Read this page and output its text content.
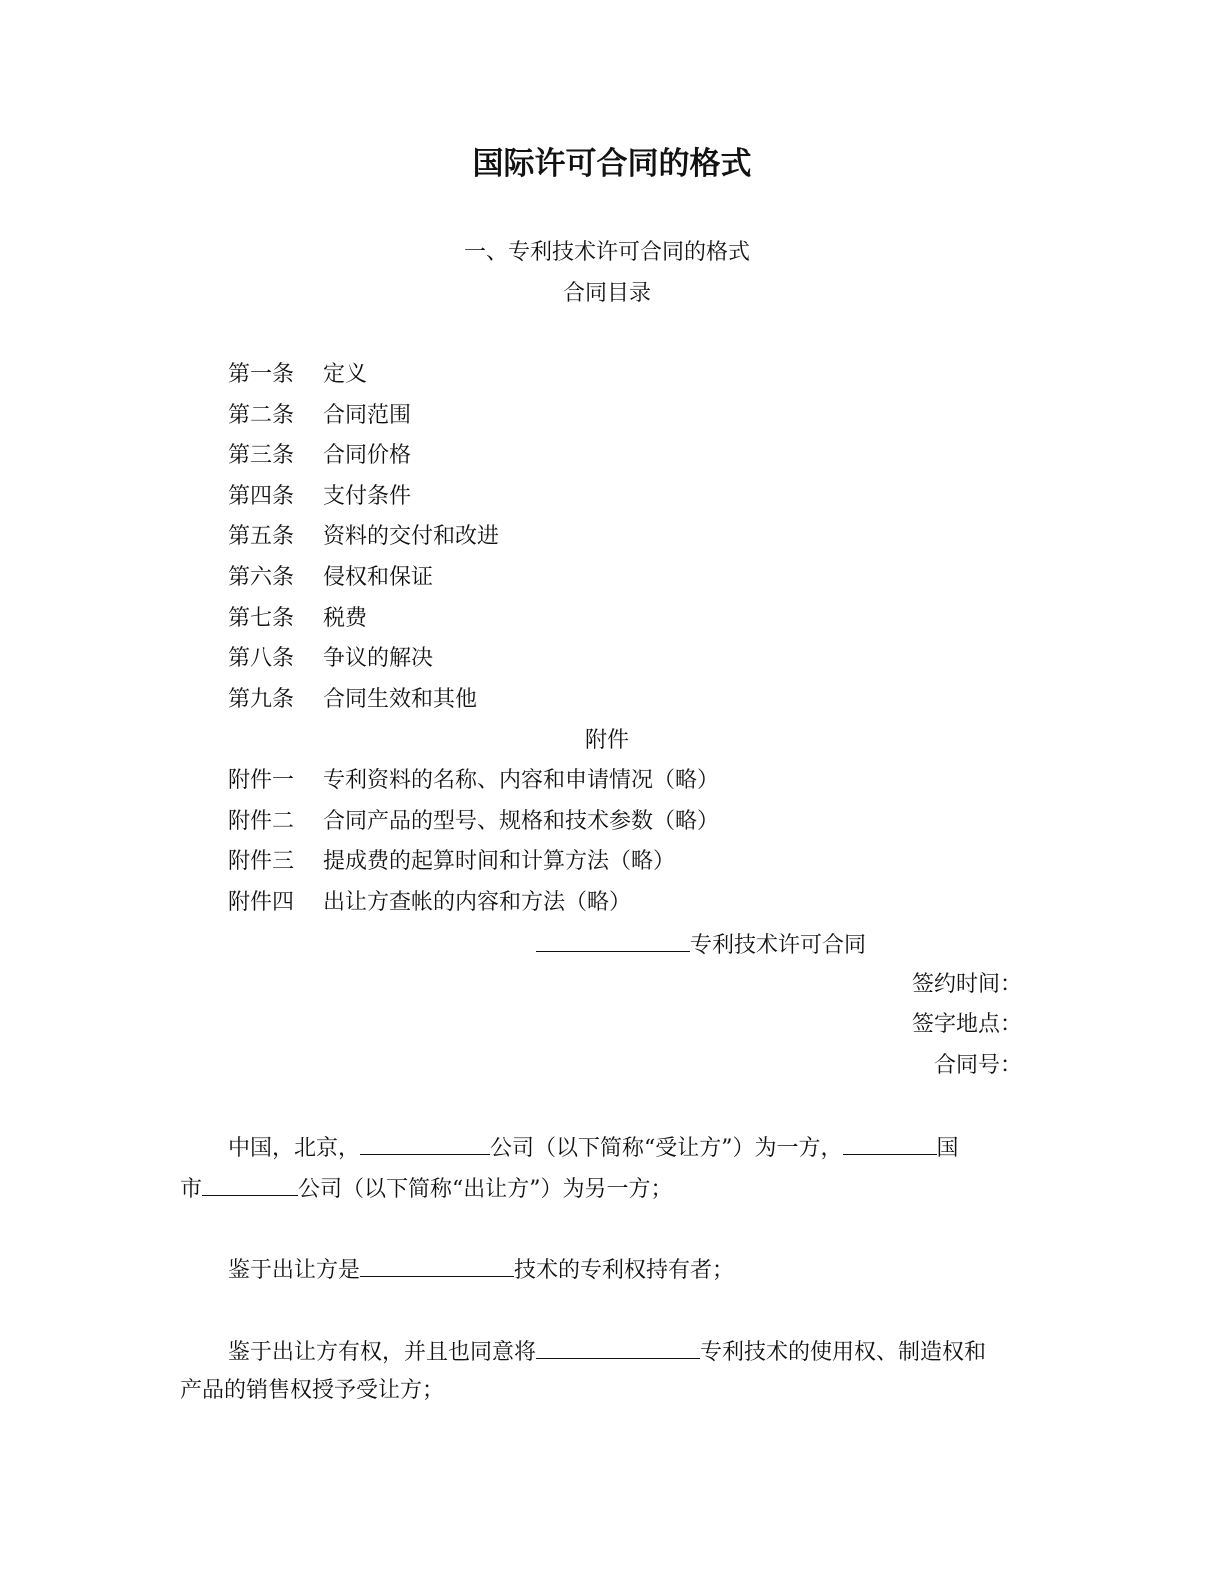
国际许可合同的格式
一、专利技术许可合同的格式
合同目录
第一条 定义
第二条 合同范围
第三条 合同价格
第四条 支付条件
第五条 资料的交付和改进
第六条 侵权和保证
第七条 税费
第八条 争议的解决
第九条 合同生效和其他
附件
附件一 专利资料的名称、内容和申请情况（略）
附件二 合同产品的型号、规格和技术参数（略）
附件三 提成费的起算时间和计算方法（略）
附件四 出让方查帐的内容和方法（略）
专利技术许可合同
签约时间：
签字地点：
合同号：
中国，北京，	公司（以下简称“受让方”）为一方，	国
市	公司（以下简称“出让方”）为另一方；
鉴于出让方是	技术的专利权持有者；
鉴于出让方有权，并且也同意将	专利技术的使用权、制造权和
产品的销售权授予受让方；
